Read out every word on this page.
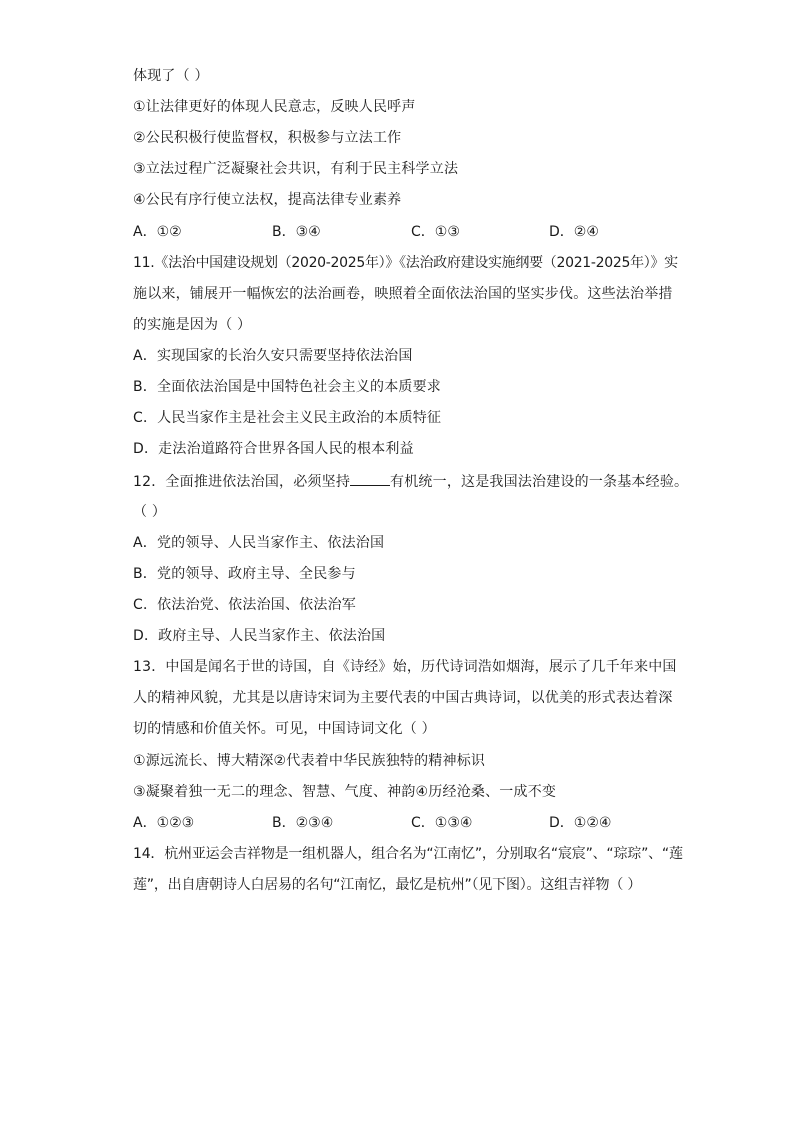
体现了（ ）
①让法律更好的体现人民意志，反映人民呼声
②公民积极行使监督权，积极参与立法工作
③立法过程广泛凝聚社会共识，有利于民主科学立法
④公民有序行使立法权，提高法律专业素养
A．①②	B．③④	C．①③	D．②④
11.《法治中国建设规划（2020-2025年）》《法治政府建设实施纲要（2021-2025年）》实
施以来，铺展开一幅恢宏的法治画卷，映照着全面依法治国的坚实步伐。这些法治举措
的实施是因为（ ）
A．实现国家的长治久安只需要坚持依法治国
B．全面依法治国是中国特色社会主义的本质要求
C．人民当家作主是社会主义民主政治的本质特征
D．走法治道路符合世界各国人民的根本利益
12．全面推进依法治国，必须坚持	有机统一，这是我国法治建设的一条基本经验。
（ ）
A．党的领导、人民当家作主、依法治国
B．党的领导、政府主导、全民参与
C．依法治党、依法治国、依法治军
D．政府主导、人民当家作主、依法治国
13．中国是闻名于世的诗国，自《诗经》始，历代诗词浩如烟海，展示了几千年来中国
人的精神风貌，尤其是以唐诗宋词为主要代表的中国古典诗词，以优美的形式表达着深
切的情感和价值关怀。可见，中国诗词文化（ ）
①源远流长、博大精深②代表着中华民族独特的精神标识
③凝聚着独一无二的理念、智慧、气度、神韵④历经沧桑、一成不变
A．①②③	B．②③④	C．①③④	D．①②④
14．杭州亚运会吉祥物是一组机器人，组合名为“江南忆”，分别取名“宸宸”、“琮琮”、“莲
莲”，出自唐朝诗人白居易的名句“江南忆，最忆是杭州”（见下图）。这组吉祥物（ ）
